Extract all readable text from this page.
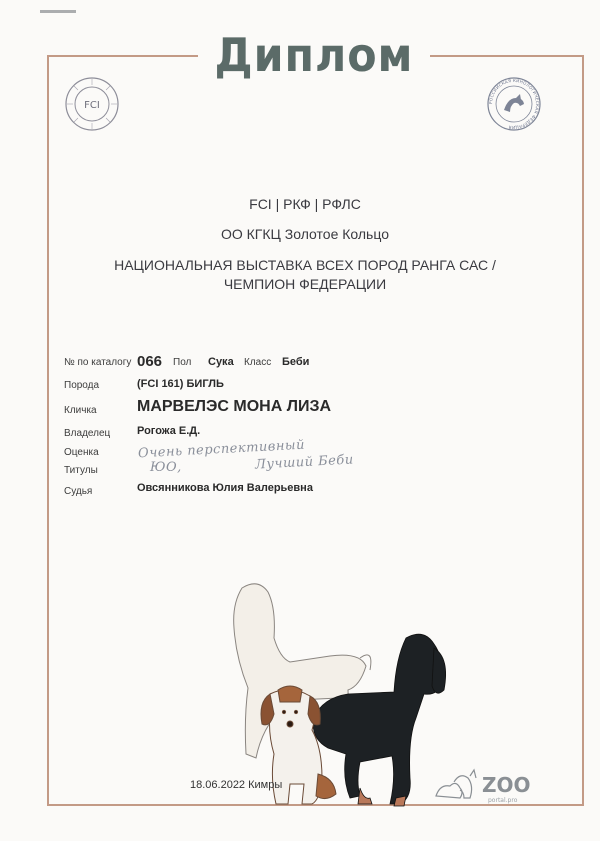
Диплом
FCI	РОССИЙСКАЯ КИНОЛОГИЧЕСКАЯ ФЕДЕРАЦИЯ
FCI | РКФ | РФЛС
ОО КГКЦ Золотое Кольцо
НАЦИОНАЛЬНАЯ ВЫСТАВКА ВСЕХ ПОРОД РАНГА САС /
ЧЕМПИОН ФЕДЕРАЦИИ
№ по каталогу 066 Пол Сука Класс Беби
Порода	(FCI 161) БИГЛЬ
Кличка	МАРВЕЛЭС МОНА ЛИЗА
Владелец Рогожа Е.Д.
Оценка	Очень перспективный
Титулы	ЮО,	Лучший Беби
Судья	Овсянникова Юлия Валерьевна
18.06.2022 Кимры	ZOO
portal.pro
